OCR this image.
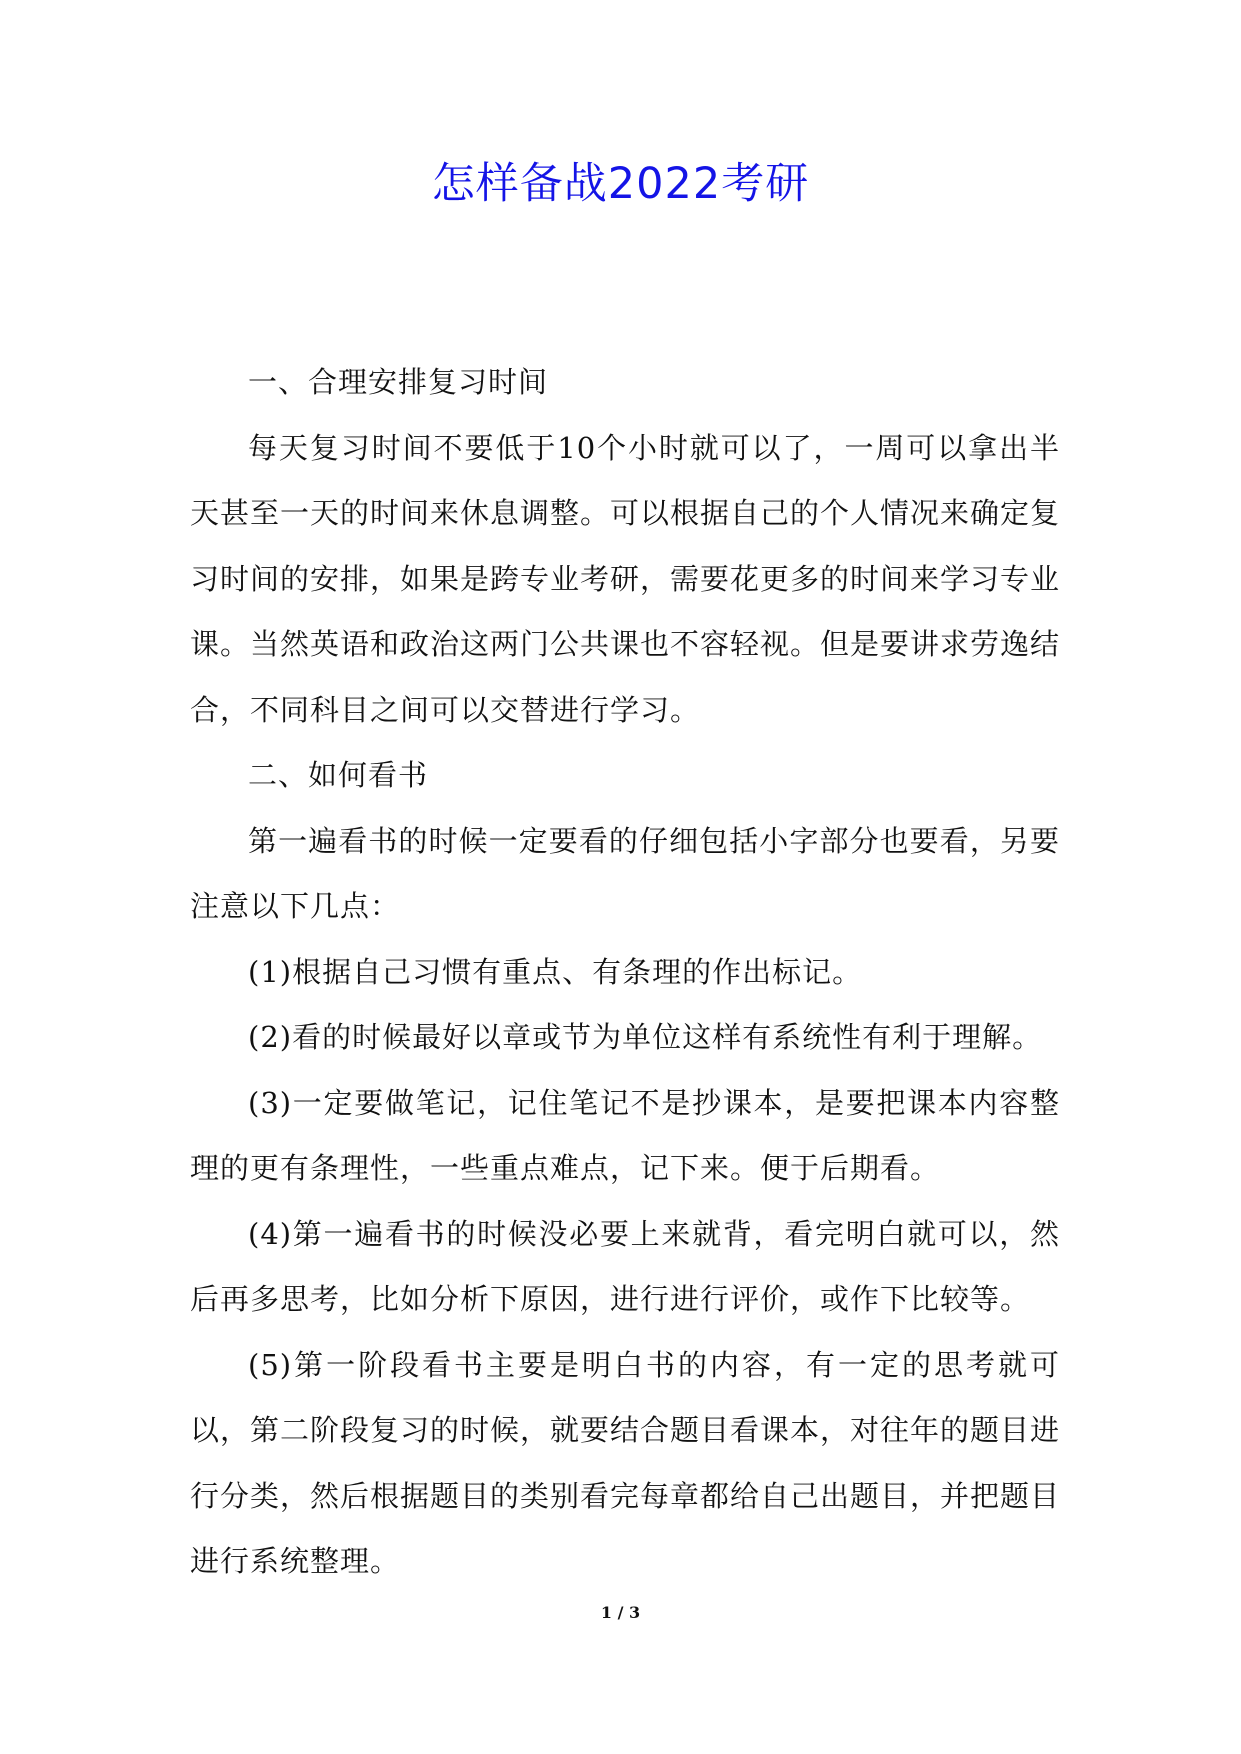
怎样备战2022考研

一、合理安排复习时间

每天复习时间不要低于10个小时就可以了，一周可以拿出半天甚至一天的时间来休息调整。可以根据自己的个人情况来确定复习时间的安排，如果是跨专业考研，需要花更多的时间来学习专业课。当然英语和政治这两门公共课也不容轻视。但是要讲求劳逸结合，不同科目之间可以交替进行学习。

二、如何看书

第一遍看书的时候一定要看的仔细包括小字部分也要看，另要注意以下几点：

(1)根据自己习惯有重点、有条理的作出标记。

(2)看的时候最好以章或节为单位这样有系统性有利于理解。

(3)一定要做笔记，记住笔记不是抄课本，是要把课本内容整理的更有条理性，一些重点难点，记下来。便于后期看。

(4)第一遍看书的时候没必要上来就背，看完明白就可以，然后再多思考，比如分析下原因，进行进行评价，或作下比较等。

(5)第一阶段看书主要是明白书的内容，有一定的思考就可以，第二阶段复习的时候，就要结合题目看课本，对往年的题目进行分类，然后根据题目的类别看完每章都给自己出题目，并把题目进行系统整理。

1 / 3
